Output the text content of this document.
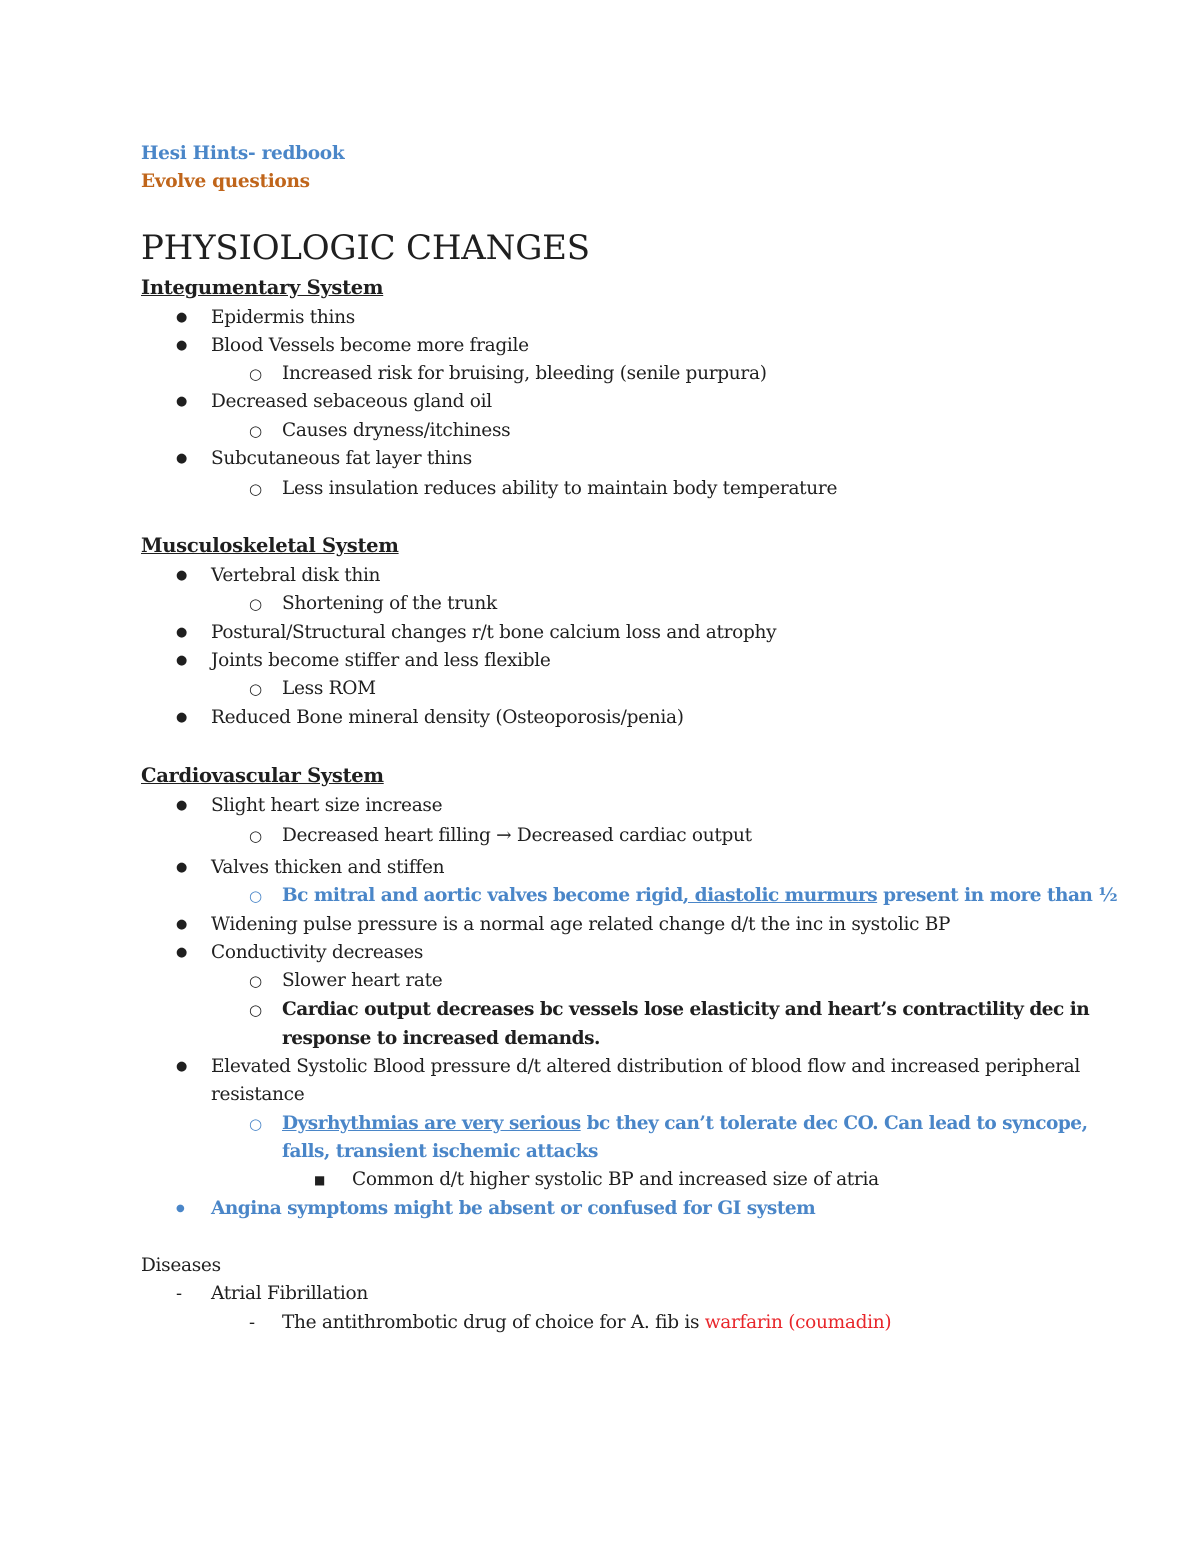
Hesi Hints- redbook
Evolve questions
PHYSIOLOGIC CHANGES
Integumentary System
● Epidermis thins
● Blood Vessels become more fragile
○ Increased risk for bruising, bleeding (senile purpura)
● Decreased sebaceous gland oil
○ Causes dryness/itchiness
● Subcutaneous fat layer thins
○ Less insulation reduces ability to maintain body temperature
Musculoskeletal System
● Vertebral disk thin
○ Shortening of the trunk
● Postural/Structural changes r/t bone calcium loss and atrophy
● Joints become stiffer and less flexible
○ Less ROM
● Reduced Bone mineral density (Osteoporosis/penia)
Cardiovascular System
● Slight heart size increase
○ Decreased heart filling → Decreased cardiac output
● Valves thicken and stiffen
○ Bc mitral and aortic valves become rigid, diastolic murmurs present in more than ½
● Widening pulse pressure is a normal age related change d/t the inc in systolic BP
● Conductivity decreases
○ Slower heart rate
○ Cardiac output decreases bc vessels lose elasticity and heart’s contractility dec in
response to increased demands.
● Elevated Systolic Blood pressure d/t altered distribution of blood flow and increased peripheral
resistance
○ Dysrhythmias are very serious bc they can’t tolerate dec CO. Can lead to syncope,
falls, transient ischemic attacks
■ Common d/t higher systolic BP and increased size of atria
● Angina symptoms might be absent or confused for GI system
Diseases
- Atrial Fibrillation
- The antithrombotic drug of choice for A. fib is warfarin (coumadin)
